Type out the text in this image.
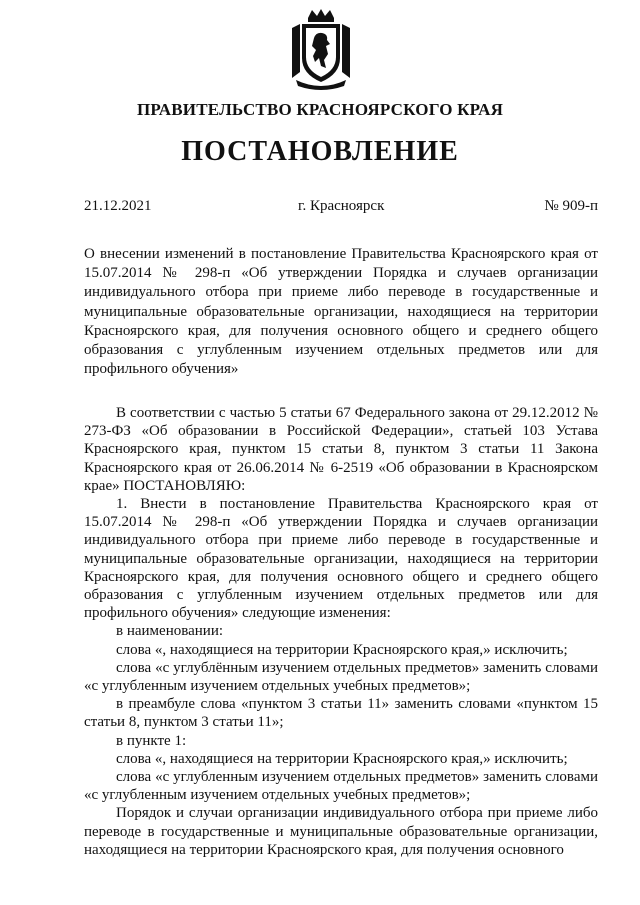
ПРАВИТЕЛЬСТВО КРАСНОЯРСКОГО КРАЯ
ПОСТАНОВЛЕНИЕ
21.12.2021	г. Красноярск	№ 909-п
О внесении изменений в постановление Правительства Красноярского края от 15.07.2014 № 298-п «Об утверждении Порядка и случаев организации индивидуального отбора при приеме либо переводе в государственные и муниципальные образовательные организации, находящиеся на территории Красноярского края, для получения основного общего и среднего общего образования с углубленным изучением отдельных предметов или для профильного обучения»

В соответствии с частью 5 статьи 67 Федерального закона от 29.12.2012 № 273-ФЗ «Об образовании в Российской Федерации», статьей 103 Устава Красноярского края, пунктом 15 статьи 8, пунктом 3 статьи 11 Закона Красноярского края от 26.06.2014 № 6-2519 «Об образовании в Красноярском крае» ПОСТАНОВЛЯЮ:

1. Внести в постановление Правительства Красноярского края от 15.07.2014 № 298-п «Об утверждении Порядка и случаев организации индивидуального отбора при приеме либо переводе в государственные и муниципальные образовательные организации, находящиеся на территории Красноярского края, для получения основного общего и среднего общего образования с углубленным изучением отдельных предметов или для профильного обучения» следующие изменения:

в наименовании:

слова «, находящиеся на территории Красноярского края,» исключить;

слова «с углублённым изучением отдельных предметов» заменить словами «с углубленным изучением отдельных учебных предметов»;

в преамбуле слова «пунктом 3 статьи 11» заменить словами «пунктом 15 статьи 8, пунктом 3 статьи 11»;

в пункте 1:

слова «, находящиеся на территории Красноярского края,» исключить;

слова «с углубленным изучением отдельных предметов» заменить словами «с углубленным изучением отдельных учебных предметов»;

Порядок и случаи организации индивидуального отбора при приеме либо переводе в государственные и муниципальные образовательные организации, находящиеся на территории Красноярского края, для получения основного
